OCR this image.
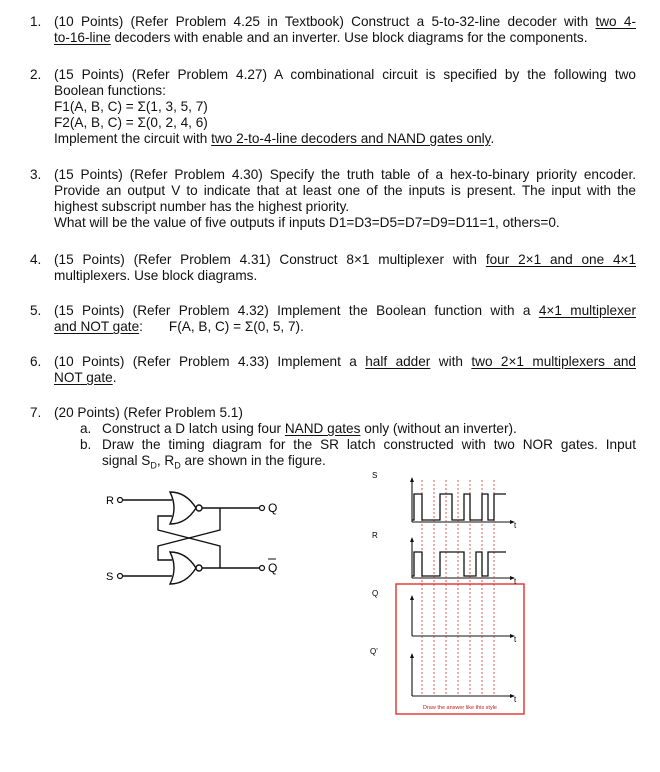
1. (10 Points) (Refer Problem 4.25 in Textbook) Construct a 5-to-32-line decoder with two 4-
to-16-line decoders with enable and an inverter. Use block diagrams for the components.
2. (15 Points) (Refer Problem 4.27) A combinational circuit is specified by the following two
Boolean functions:
F1(A, B, C) = Σ(1, 3, 5, 7)
F2(A, B, C) = Σ(0, 2, 4, 6)
Implement the circuit with two 2-to-4-line decoders and NAND gates only.
3. (15 Points) (Refer Problem 4.30) Specify the truth table of a hex-to-binary priority encoder.
Provide an output V to indicate that at least one of the inputs is present. The input with the
highest subscript number has the highest priority.
What will be the value of five outputs if inputs D1=D3=D5=D7=D9=D11=1, others=0.
4. (15 Points) (Refer Problem 4.31) Construct 8×1 multiplexer with four 2×1 and one 4×1
multiplexers. Use block diagrams.
5. (15 Points) (Refer Problem 4.32) Implement the Boolean function with a 4×1 multiplexer
and NOT gate: F(A, B, C) = Σ(0, 5, 7).
6. (10 Points) (Refer Problem 4.33) Implement a half adder with two 2×1 multiplexers and
NOT gate.
7. (20 Points) (Refer Problem 5.1)
a. Construct a D latch using four NAND gates only (without an inverter).
b. Draw the timing diagram for the SR latch constructed with two NOR gates. Input
signal $S_D$, $R_D$ are shown in the figure.
R
S
Q
Q
S
R
Q
Q'
t
t
t
t
Draw the answer like this style
